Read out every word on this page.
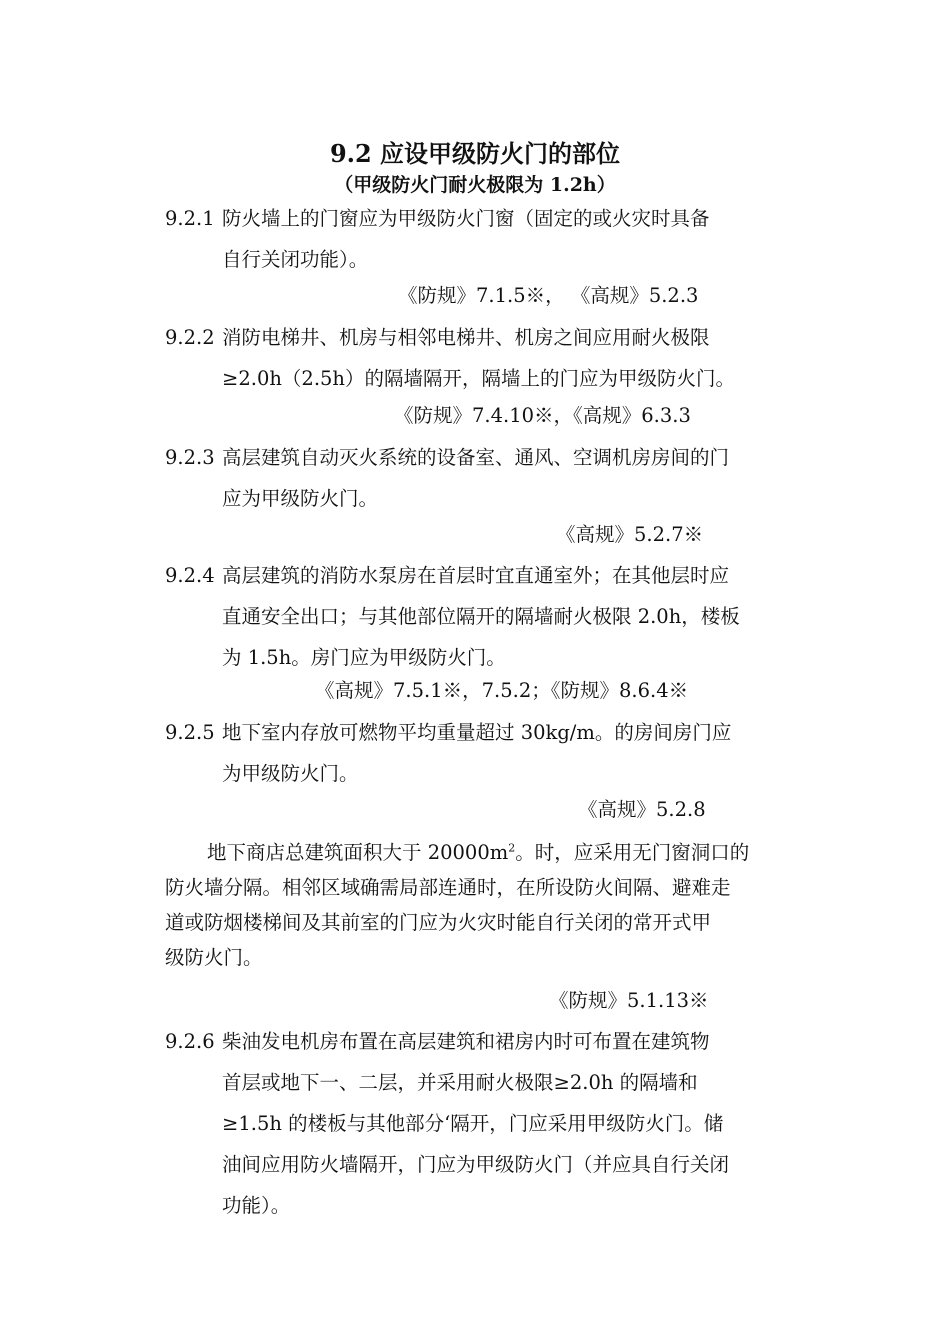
9.2 应设甲级防火门的部位
（甲级防火门耐火极限为 1.2h）
9.2.1 防火墙上的门窗应为甲级防火门窗（固定的或火灾时具备
自行关闭功能）。
《防规》7.1.5※， 《高规》5.2.3
9.2.2 消防电梯井、机房与相邻电梯井、机房之间应用耐火极限
≥2.0h（2.5h）的隔墙隔开，隔墙上的门应为甲级防火门。
《防规》7.4.10※，《高规》6.3.3
9.2.3 高层建筑自动灭火系统的设备室、通风、空调机房房间的门
应为甲级防火门。
《高规》5.2.7※
9.2.4 高层建筑的消防水泵房在首层时宜直通室外；在其他层时应
直通安全出口；与其他部位隔开的隔墙耐火极限 2.0h，楼板
为 1.5h。房门应为甲级防火门。
《高规》7.5.1※，7.5.2；《防规》8.6.4※
9.2.5 地下室内存放可燃物平均重量超过 30kg/m。的房间房门应
为甲级防火门。
《高规》5.2.8
地下商店总建筑面积大于 $20000m^2$。时，应采用无门窗洞口的
防火墙分隔。相邻区域确需局部连通时，在所设防火间隔、避难走
道或防烟楼梯间及其前室的门应为火灾时能自行关闭的常开式甲
级防火门。
《防规》5.1.13※
9.2.6 柴油发电机房布置在高层建筑和裙房内时可布置在建筑物
首层或地下一、二层，并采用耐火极限≥2.0h 的隔墙和
≥1.5h 的楼板与其他部分‘隔开，门应采用甲级防火门。储
油间应用防火墙隔开，门应为甲级防火门（并应具自行关闭
功能）。
